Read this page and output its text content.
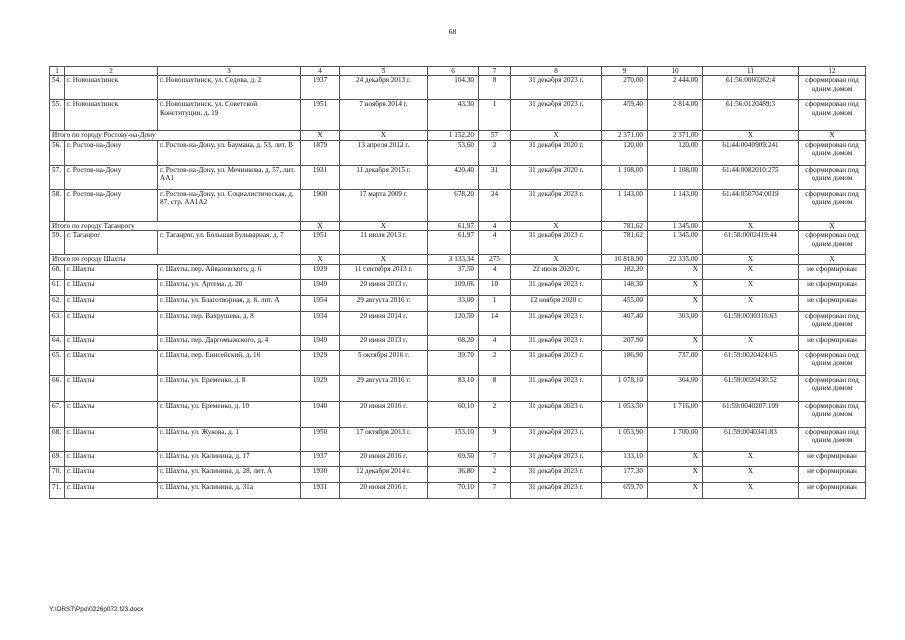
68
1	2	3	4	5	6	7	8	9	10	11	12
54.	г. Новошахтинск	г. Новошахтинск, ул. Седова, д. 2	1937	24 декабря 2013 г.	104,30	8	31 декабря 2023 г.	270,00	2 444,00	61:56:0060262:4	сформирован под одним домом
55.	г. Новошахтинск	г. Новошахтинск, ул. Советской Конституции, д. 19	1951	7 ноября 2014 г.	43,30	1	31 декабря 2023 г.	459,40	2 814,00	61:56:0120489:3	сформирован под одним домом
Итого по городу Ростову-на-Дону			X	X	1 152,20	57	X	2 371,00	2 371,00	X	X
56.	г. Ростов-на-Дону	г. Ростов-на-Дону, ул. Баумана, д. 53, лит. В	1879	13 апреля 2012 г.	53,60	2	31 декабря 2020 г.	120,00	120,00	61:44:0040909:241	сформирован под одним домом
57.	г. Ростов-на-Дону	г. Ростов-на-Дону, ул. Мечникова, д. 57, лит. АА1	1931	11 декабря 2015 г.	420,40	31	31 декабря 2020 г.	1 108,00	1 108,00	61:44:0082010:275	сформирован под одним домом
58.	г. Ростов-на-Дону	г. Ростов-на-Дону, ул. Социалистическая, д. 87, стр. АА1А2	1900	17 марта 2009 г.	678,20	24	31 декабря 2023 г.	1 143,00	1 143,00	61:44:050704:0019	сформирован под одним домом
Итого по городу Таганрогу			X	X	61,97	4	X	781,62	1 345,00	X	X
59.	г. Таганрог	г. Таганрог, ул. Большая Бульварная, д. 7	1951	11 июля 2013 г.	61,97	4	31 декабря 2023 г.	781,62	1 345,00	61:58:0002419:44	сформирован под одним домом
Итого по городу Шахты			X	X	3 133,34	275	X	16 818,90	22 335,00	X	X
60.	г. Шахты	г. Шахты, пер. Айвазовского, д. 6	1929	11 сентября 2013 г.	37,50	4	22 июля 2020 г.	182,20	X	X	не сформирован
61.	г. Шахты	г. Шахты, ул. Артема, д. 20	1949	20 июня 2013 г.	109,06	10	31 декабря 2023 г.	148,30	X	X	не сформирован
62.	г. Шахты	г. Шахты, ул. Благотворная, д. 6, лит. А	1954	29 августа 2016 г.	33,00	1	12 ноября 2020 г.	455,00	X	X	не сформирован
63.	г. Шахты	г. Шахты, пер. Вахрушева, д. 8	1934	20 июня 2014 г.	120,50	14	31 декабря 2023 г.	467,40	303,00	61:59:0030316:63	сформирован под одним домом
64.	г. Шахты	г. Шахты, пер. Даргомыжского, д. 4	1949	20 июня 2013 г.	68,20	4	31 декабря 2023 г.	207,90	X	X	не сформирован
65.	г. Шахты	г. Шахты, пер. Енисейский, д. 16	1929	5 октября 2016 г.	39,70	2	31 декабря 2023 г.	186,90	737,00	61:59:0020424:65	сформирован под одним домом
66.	г. Шахты	г. Шахты, ул. Еременко, д. 8	1929	29 августа 2016 г.	83,10	8	31 декабря 2023 г.	1 078,10	364,00	61:59:0020430:52	сформирован под одним домом
67.	г. Шахты	г. Шахты, ул. Еременко, д. 10	1940	20 июня 2016 г.	60,10	2	31 декабря 2023 г.	1 053,50	1 716,00	61:59:0040207:109	сформирован под одним домом
68.	г. Шахты	г. Шахты, ул. Жукова, д. 1	1950	17 октября 2013 г.	153,10	9	31 декабря 2023 г.	1 053,90	1 700,00	61:59:0040341:83	сформирован под одним домом
69.	г. Шахты	г. Шахты, ул. Калинина, д. 17	1937	20 июня 2016 г.	69,50	7	31 декабря 2023 г.	133,10	X	X	не сформирован
70.	г. Шахты	г. Шахты, ул. Калинина, д. 28, лит. А	1930	12 декабря 2014 г.	36,80	2	31 декабря 2023 г.	177,30	X	X	не сформирован
71.	г. Шахты	г. Шахты, ул. Калинина, д. 31а	1931	20 июня 2016 г.	70,10	7	31 декабря 2023 г.	659,70	X	X	не сформирован
Y:\ORST\Ppo\0226p072.f23.docx
